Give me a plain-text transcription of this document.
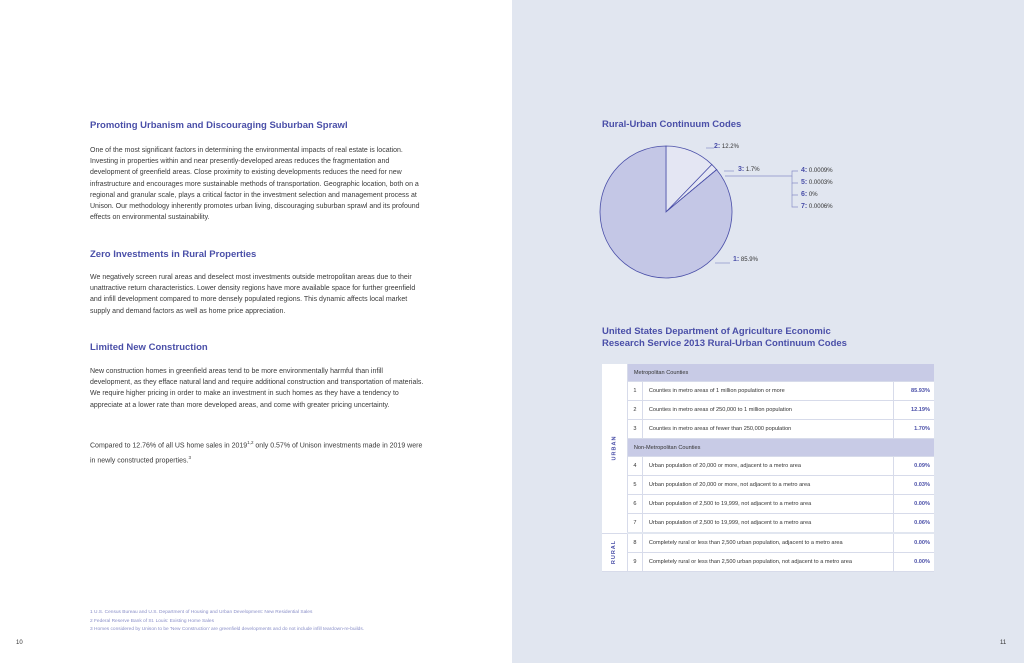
Promoting Urbanism and Discouraging Suburban Sprawl

One of the most significant factors in determining the environmental impacts of real estate is location. Investing in properties within and near presently-developed areas reduces the fragmentation and development of greenfield areas. Close proximity to existing developments reduces the need for new infrastructure and encourages more sustainable methods of transportation. Geographic location, both on a regional and granular scale, plays a critical factor in the investment selection and management process at Unison. Our methodology inherently promotes urban living, discouraging suburban sprawl and its profound effects on environmental sustainability.

Zero Investments in Rural Properties

We negatively screen rural areas and deselect most investments outside metropolitan areas due to their unattractive return characteristics. Lower density regions have more available space for further greenfield and infill development compared to more densely populated regions. This dynamic affects local market supply and demand factors as well as home price appreciation.

Limited New Construction

New construction homes in greenfield areas tend to be more environmentally harmful than infill development, as they efface natural land and require additional construction and transportation of materials. We require higher pricing in order to make an investment in such homes as they have a tendency to appreciate at a lower rate than more developed areas, and come with greater pricing uncertainty.

Compared to 12.76% of all US home sales in 2019$^{1,2}$ only 0.57% of Unison investments made in 2019 were in newly constructed properties.$^3$

1 U.S. Census Bureau and U.S. Department of Housing and Urban Development: New Residential Sales
2 Federal Reserve Bank of St. Louis: Existing Home Sales
3 Homes considered by Unison to be 'New Construction' are greenfield developments and do not include infill teardown-re-builds.
10
Rural-Urban Continuum Codes
2: 12.2%
3: 1.7%	4: 0.0009%
5: 0.0003%
6: 0%
7: 0.0006%
1: 85.9%
United States Department of Agriculture Economic
Research Service 2013 Rural-Urban Continuum Codes
11
URBAN	Metropolitan Counties		
	1	Counties in metro areas of 1 million population or more	85.93%
	2	Counties in metro areas of 250,000 to 1 million population	12.19%
	3	Counties in metro areas of fewer than 250,000 population	1.70%
	Non-Metropolitan Counties		
	4	Urban population of 20,000 or more, adjacent to a metro area	0.09%
	5	Urban population of 20,000 or more, not adjacent to a metro area	0.03%
	6	Urban population of 2,500 to 19,999, not adjacent to a metro area	0.00%
	7	Urban population of 2,500 to 19,999, not adjacent to a metro area	0.06%
RURAL	8	Completely rural or less than 2,500 urban population, adjacent to a metro area	0.00%
	9	Completely rural or less than 2,500 urban population, not adjacent to a metro area	0.00%
